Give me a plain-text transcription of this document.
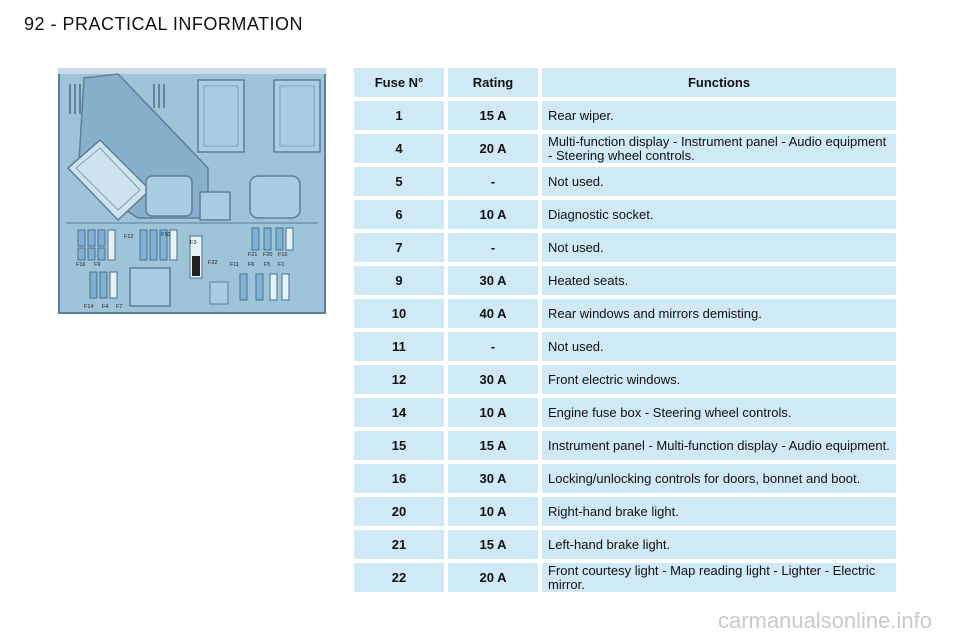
92 - PRACTICAL INFORMATION
F12	F10
F16 F9
F14 F4 F7
F3
F22 F11 F6 F5 F1
F21 F20 F15
Fuse N°	Rating	Functions
1	15 A	Rear wiper.
4	20 A	Multi-function display - Instrument panel - Audio equipment - Steering wheel controls.
5	-	Not used.
6	10 A	Diagnostic socket.
7	-	Not used.
9	30 A	Heated seats.
10	40 A	Rear windows and mirrors demisting.
11	-	Not used.
12	30 A	Front electric windows.
14	10 A	Engine fuse box - Steering wheel controls.
15	15 A	Instrument panel - Multi-function display - Audio equipment.
16	30 A	Locking/unlocking controls for doors, bonnet and boot.
20	10 A	Right-hand brake light.
21	15 A	Left-hand brake light.
22	20 A	Front courtesy light - Map reading light - Lighter - Electric mirror.
carmanualsonline.info
